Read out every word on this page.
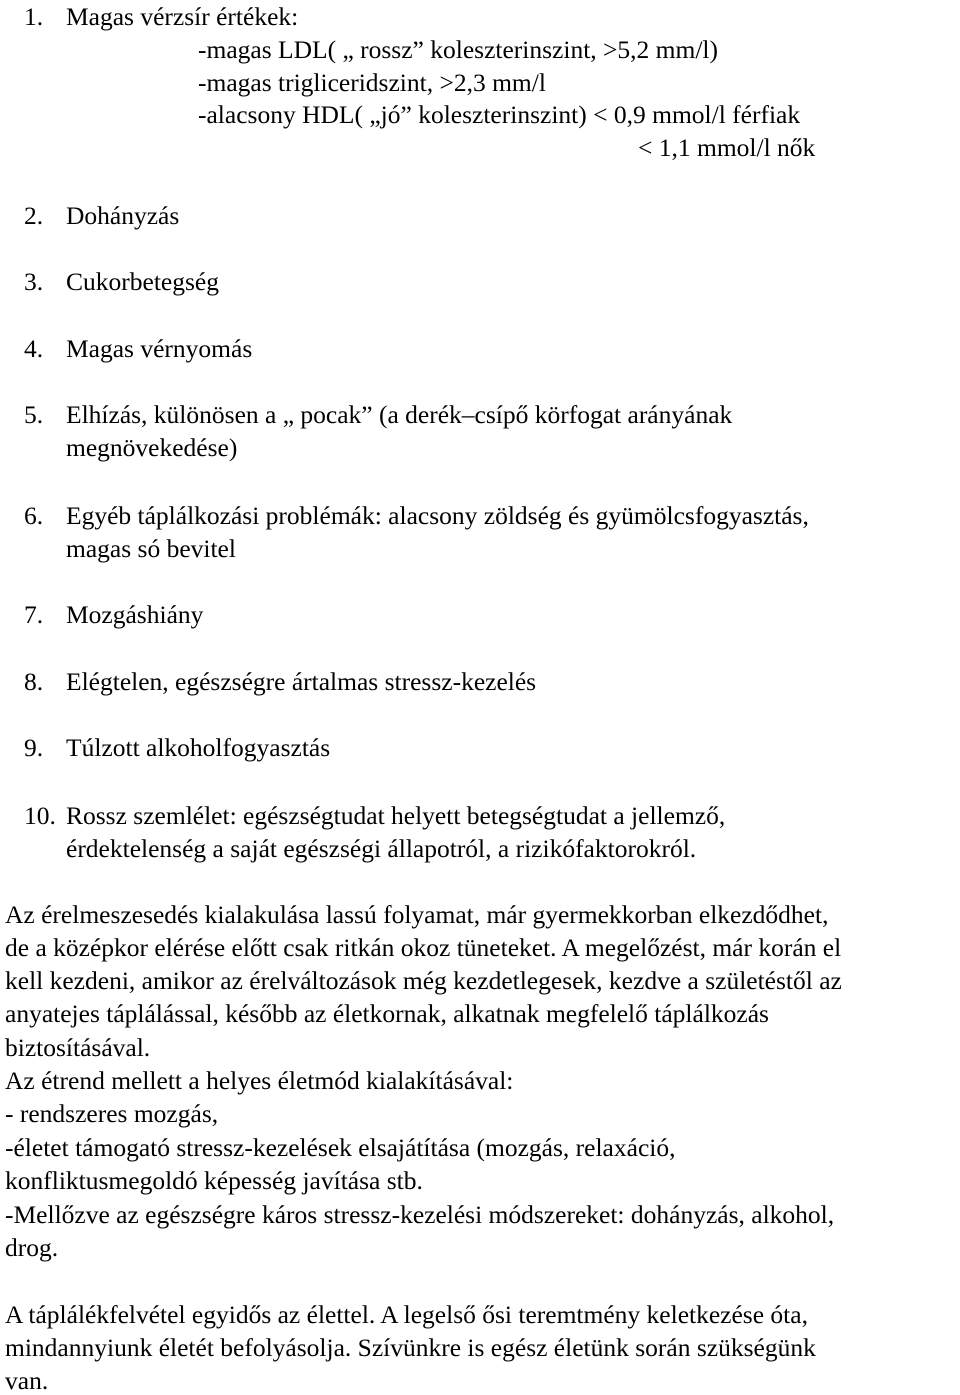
1. Magas vérzsír értékek:
-magas LDL( „ rossz” koleszterinszint, >5,2 mm/l)
-magas trigliceridszint, >2,3 mm/l
-alacsony HDL( „jó” koleszterinszint) < 0,9 mmol/l férfiak
< 1,1 mmol/l nők
2. Dohányzás
3. Cukorbetegség
4. Magas vérnyomás
5. Elhízás, különösen a „ pocak” (a derék–csípő körfogat arányának
megnövekedése)
6. Egyéb táplálkozási problémák: alacsony zöldség és gyümölcsfogyasztás,
magas só bevitel
7. Mozgáshiány
8. Elégtelen, egészségre ártalmas stressz-kezelés
9. Túlzott alkoholfogyasztás
10. Rossz szemlélet: egészségtudat helyett betegségtudat a jellemző,
érdektelenség a saját egészségi állapotról, a rizikófaktorokról.
Az érelmeszesedés kialakulása lassú folyamat, már gyermekkorban elkezdődhet,
de a középkor elérése előtt csak ritkán okoz tüneteket. A megelőzést, már korán el
kell kezdeni, amikor az érelváltozások még kezdetlegesek, kezdve a születéstől az
anyatejes táplálással, később az életkornak, alkatnak megfelelő táplálkozás
biztosításával.
Az étrend mellett a helyes életmód kialakításával:
- rendszeres mozgás,
-életet támogató stressz-kezelések elsajátítása (mozgás, relaxáció,
konfliktusmegoldó képesség javítása stb.
-Mellőzve az egészségre káros stressz-kezelési módszereket: dohányzás, alkohol,
drog.
A táplálékfelvétel egyidős az élettel. A legelső ősi teremtmény keletkezése óta,
mindannyiunk életét befolyásolja. Szívünkre is egész életünk során szükségünk
van.
